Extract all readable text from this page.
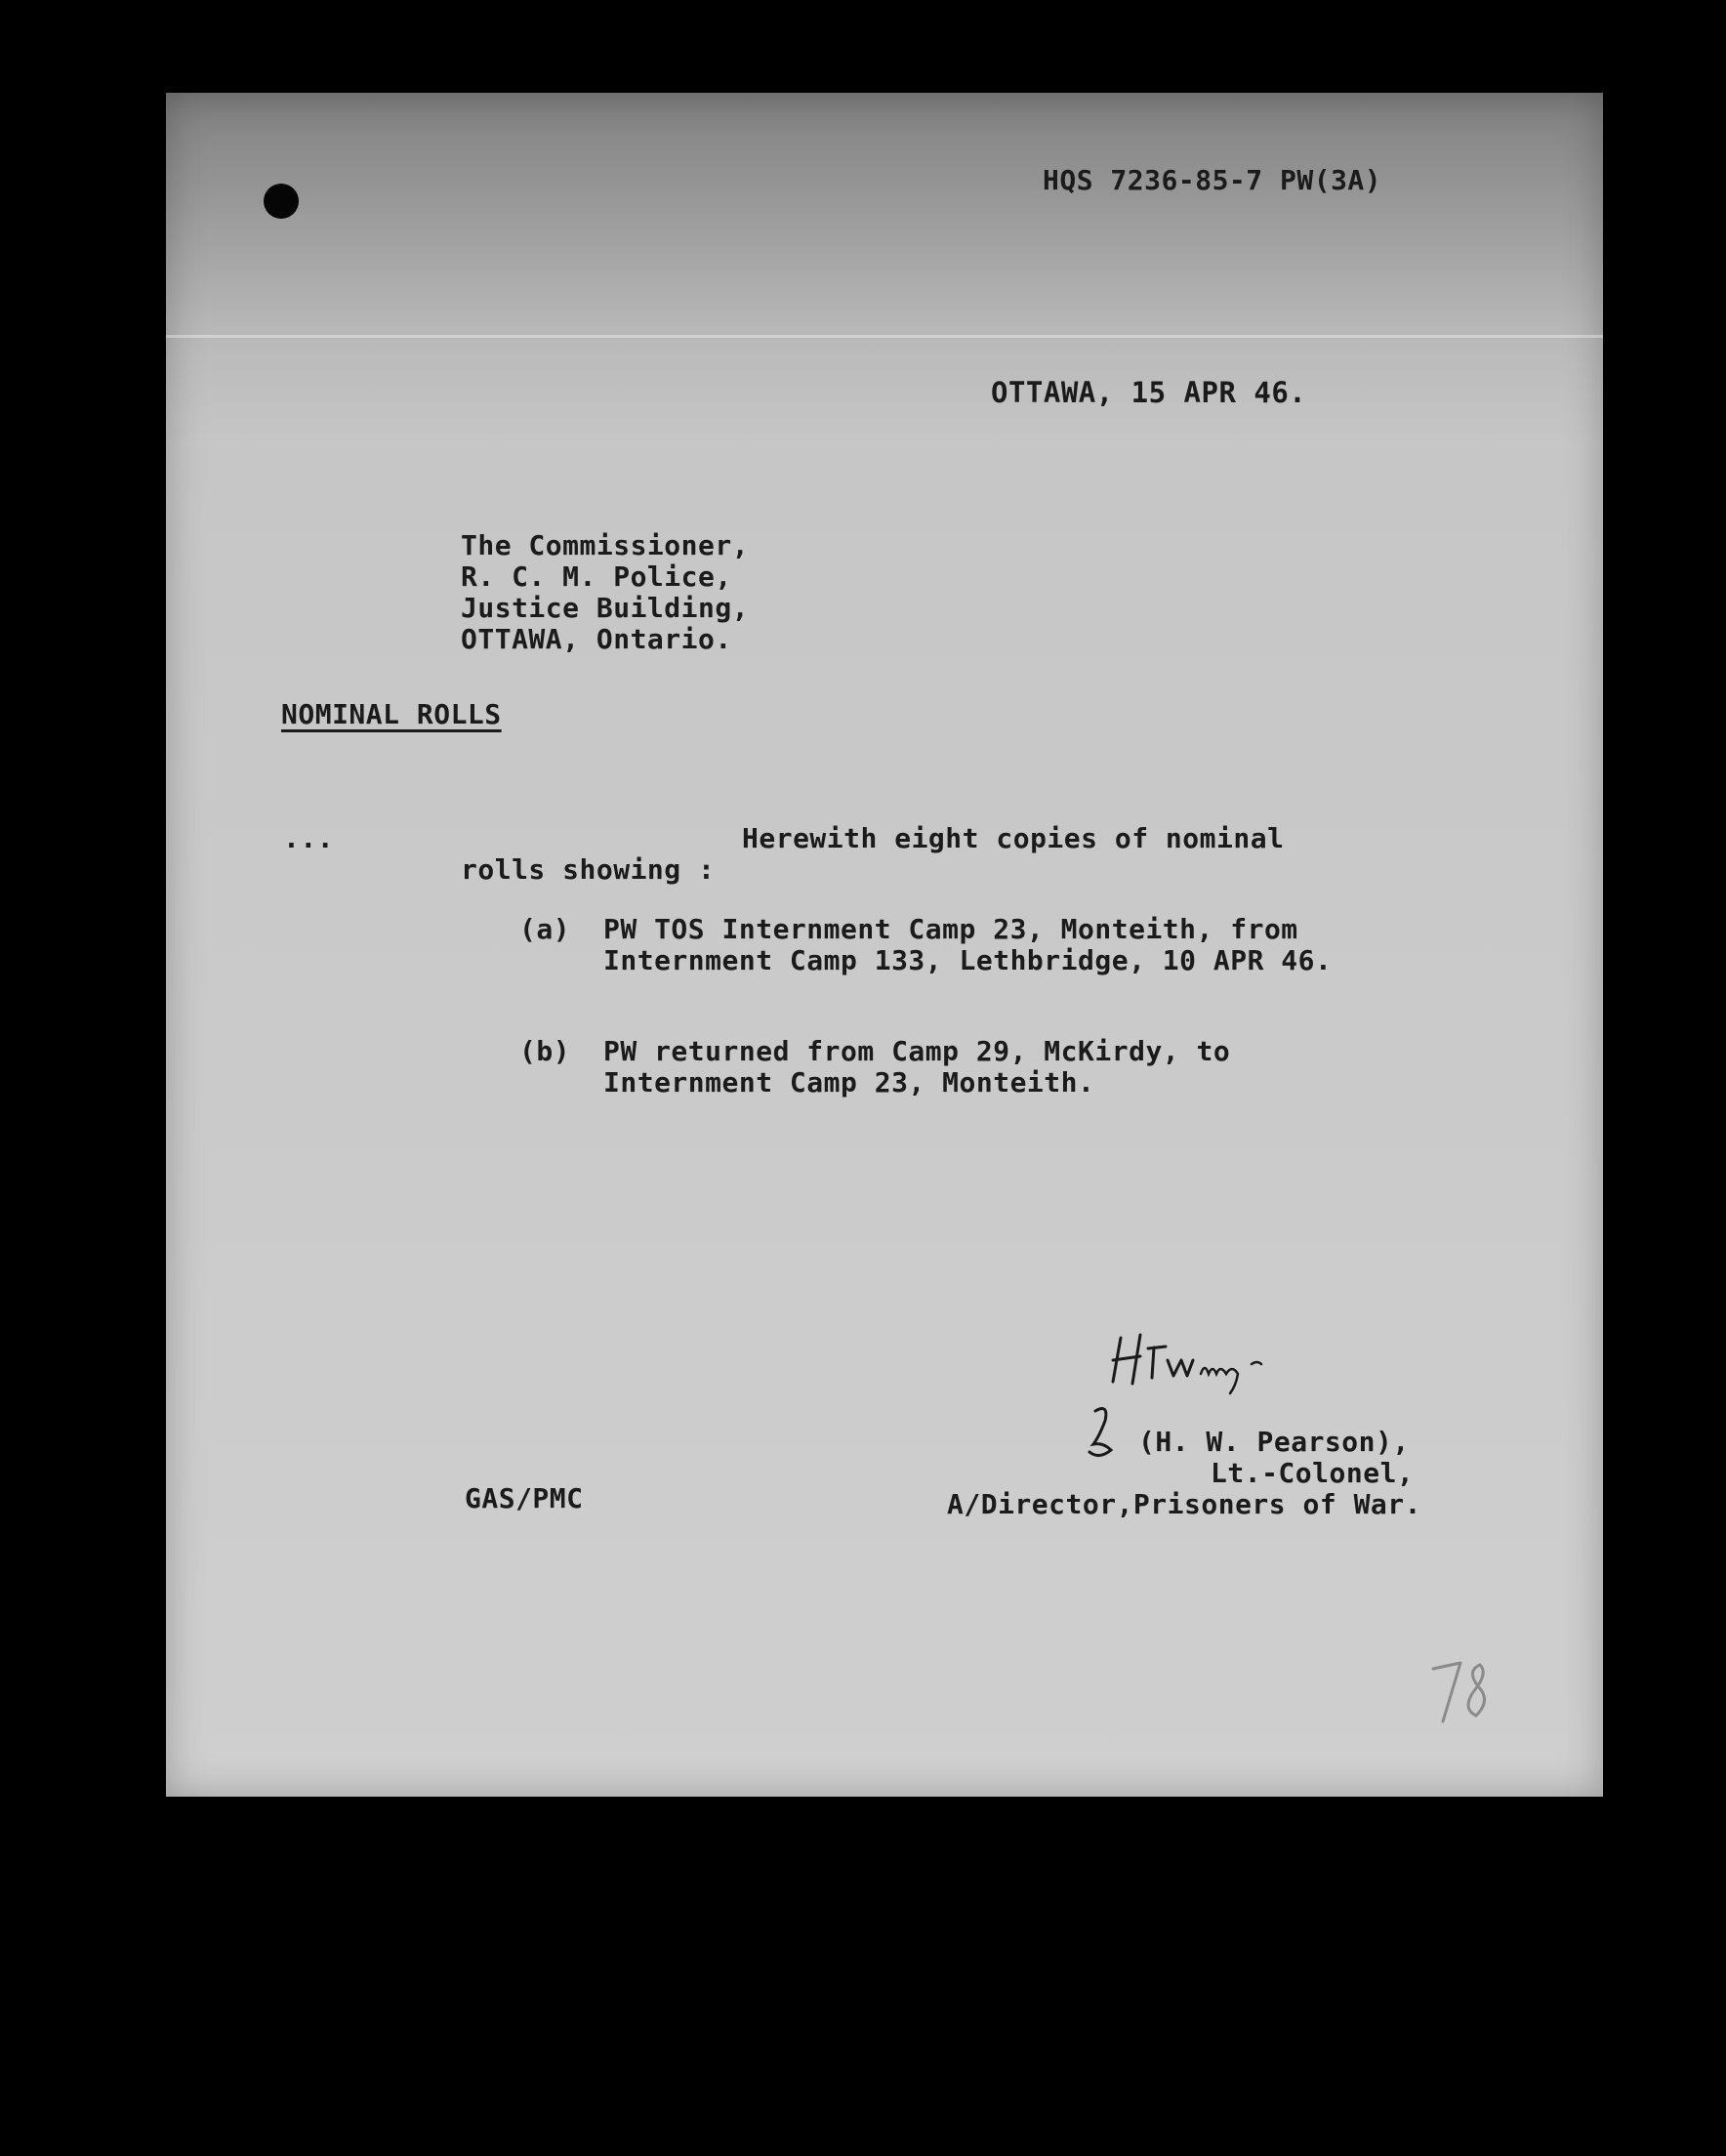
HQS 7236-85-7 PW(3A)

OTTAWA, 15 APR 46.

The Commissioner,

R. C. M. Police,

Justice Building,

OTTAWA, Ontario.

NOMINAL ROLLS

...	Herewith eight copies of nominal

rolls showing :

(a) PW TOS Internment Camp 23, Monteith, from

Internment Camp 133, Lethbridge, 10 APR 46.

(b) PW returned from Camp 29, McKirdy, to

Internment Camp 23, Monteith.

(H. W. Pearson),

Lt.-Colonel,

A/Director,Prisoners of War.

GAS/PMC
